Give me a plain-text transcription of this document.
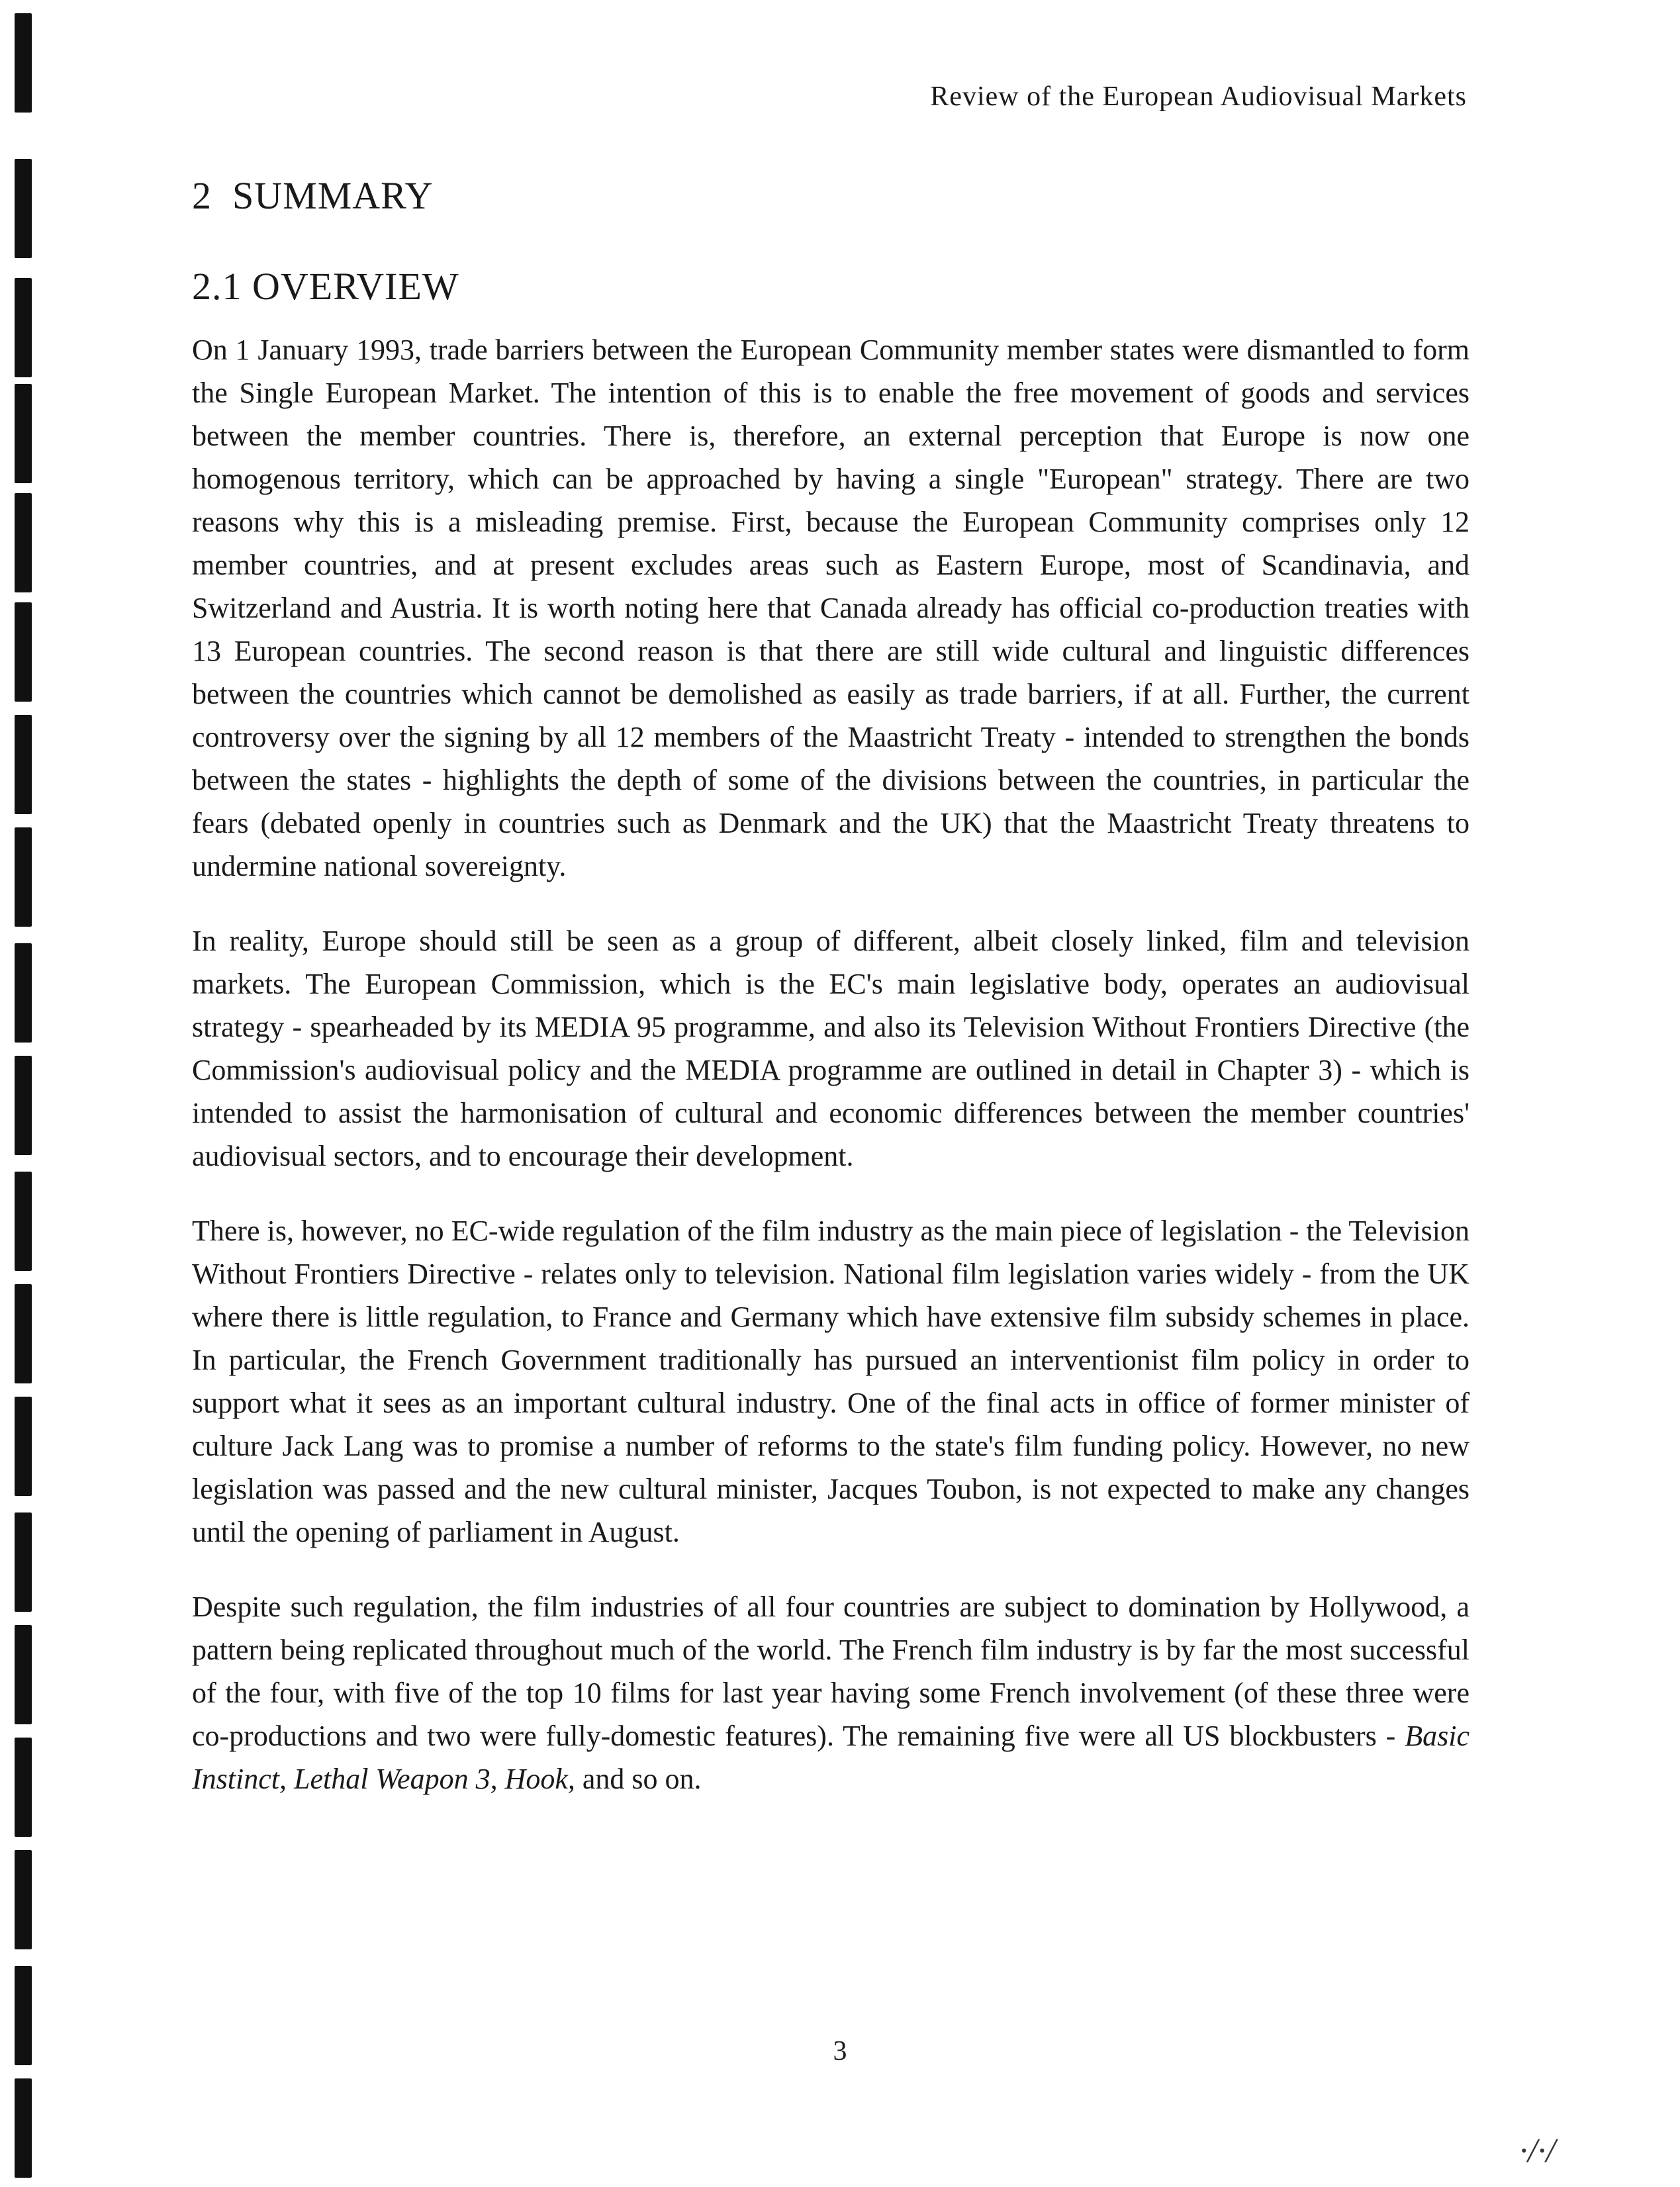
Review of the European Audiovisual Markets
2  SUMMARY
2.1 OVERVIEW

On 1 January 1993, trade barriers between the European Community member states were dismantled to form the Single European Market. The intention of this is to enable the free movement of goods and services between the member countries. There is, therefore, an external perception that Europe is now one homogenous territory, which can be approached by having a single "European" strategy. There are two reasons why this is a misleading premise. First, because the European Community comprises only 12 member countries, and at present excludes areas such as Eastern Europe, most of Scandinavia, and Switzerland and Austria. It is worth noting here that Canada already has official co-production treaties with 13 European countries. The second reason is that there are still wide cultural and linguistic differences between the countries which cannot be demolished as easily as trade barriers, if at all. Further, the current controversy over the signing by all 12 members of the Maastricht Treaty - intended to strengthen the bonds between the states - highlights the depth of some of the divisions between the countries, in particular the fears (debated openly in countries such as Denmark and the UK) that the Maastricht Treaty threatens to undermine national sovereignty.

In reality, Europe should still be seen as a group of different, albeit closely linked, film and television markets. The European Commission, which is the EC's main legislative body, operates an audiovisual strategy - spearheaded by its MEDIA 95 programme, and also its Television Without Frontiers Directive (the Commission's audiovisual policy and the MEDIA programme are outlined in detail in Chapter 3) - which is intended to assist the harmonisation of cultural and economic differences between the member countries' audiovisual sectors, and to encourage their development.

There is, however, no EC-wide regulation of the film industry as the main piece of legislation - the Television Without Frontiers Directive - relates only to television. National film legislation varies widely - from the UK where there is little regulation, to France and Germany which have extensive film subsidy schemes in place. In particular, the French Government traditionally has pursued an interventionist film policy in order to support what it sees as an important cultural industry. One of the final acts in office of former minister of culture Jack Lang was to promise a number of reforms to the state's film funding policy. However, no new legislation was passed and the new cultural minister, Jacques Toubon, is not expected to make any changes until the opening of parliament in August.

Despite such regulation, the film industries of all four countries are subject to domination by Hollywood, a pattern being replicated throughout much of the world. The French film industry is by far the most successful of the four, with five of the top 10 films for last year having some French involvement (of these three were co-productions and two were fully-domestic features). The remaining five were all US blockbusters - Basic Instinct, Lethal Weapon 3, Hook, and so on.

3
·/·/
